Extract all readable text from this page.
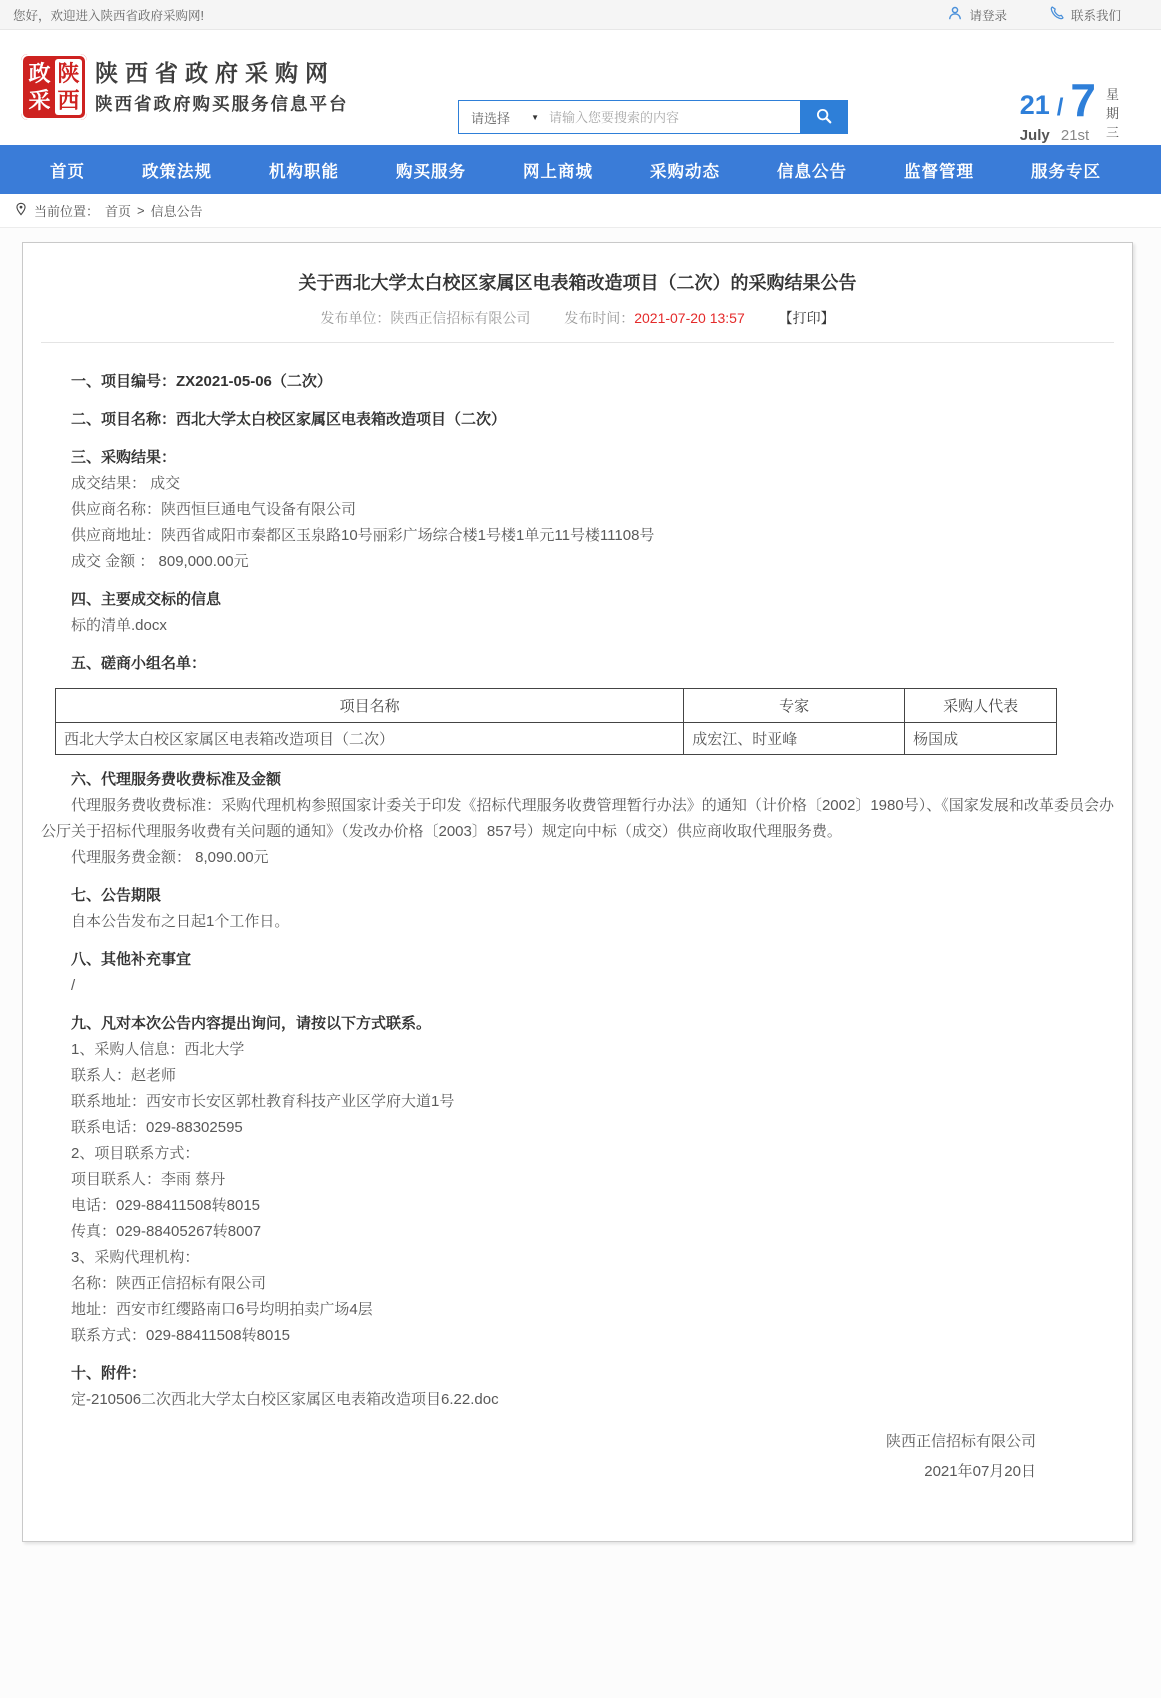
您好，欢迎进入陕西省政府采购网!	请登录	联系我们
政采
陕西
陕西省政府采购网
陕西省政府购买服务信息平台
请选择	▼
请输入您要搜索的内容	21 / 7
July 21st
星期三
首页	政策法规	机构职能	购买服务	网上商城	采购动态	信息公告	监督管理	服务专区
当前位置： 首页 > 信息公告
关于西北大学太白校区家属区电表箱改造项目（二次）的采购结果公告
发布单位：陕西正信招标有限公司 发布时间：2021-07-20 13:57 【打印】
一、项目编号：ZX2021-05-06（二次）
二、项目名称：西北大学太白校区家属区电表箱改造项目（二次）
三、采购结果：
成交结果： 成交
供应商名称：陕西恒巨通电气设备有限公司
供应商地址：陕西省咸阳市秦都区玉泉路10号丽彩广场综合楼1号楼1单元11号楼11108号
成交 金额 ： 809,000.00元
四、主要成交标的信息
标的清单.docx
五、磋商小组名单：
项目名称	专家	采购人代表
西北大学太白校区家属区电表箱改造项目（二次）	成宏江、时亚峰	杨国成
六、代理服务费收费标准及金额
代理服务费收费标准：采购代理机构参照国家计委关于印发《招标代理服务收费管理暂行办法》的通知（计价格〔2002〕1980号）、《国家发展和改革委员会办公厅关于招标代理服务收费有关问题的通知》（发改办价格〔2003〕857号）规定向中标（成交）供应商收取代理服务费。
代理服务费金额： 8,090.00元
七、公告期限
自本公告发布之日起1个工作日。
八、其他补充事宜
/
九、凡对本次公告内容提出询问，请按以下方式联系。
1、采购人信息：西北大学
联系人：赵老师
联系地址：西安市长安区郭杜教育科技产业区学府大道1号
联系电话：029-88302595
2、项目联系方式：
项目联系人：李雨 蔡丹
电话：029-88411508转8015
传真：029-88405267转8007
3、采购代理机构：
名称：陕西正信招标有限公司
地址：西安市红缨路南口6号均明拍卖广场4层
联系方式：029-88411508转8015
十、附件：
定-210506二次西北大学太白校区家属区电表箱改造项目6.22.doc
陕西正信招标有限公司
2021年07月20日
